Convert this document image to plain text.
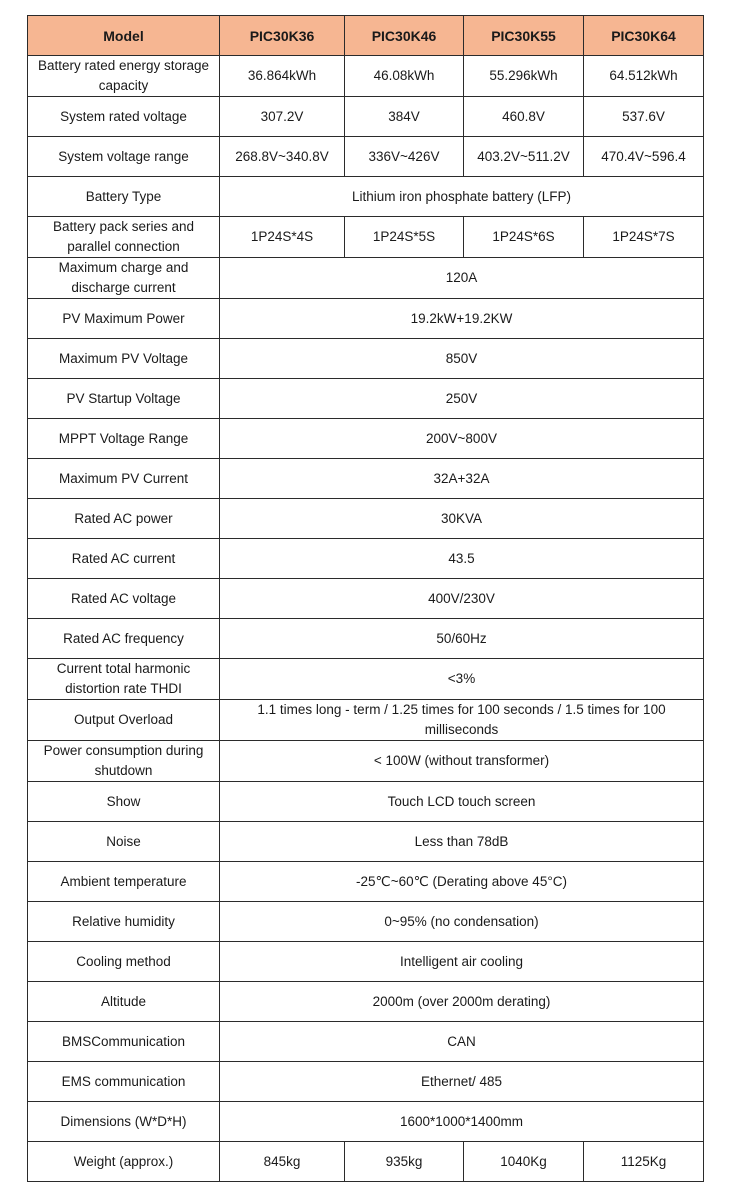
Model	PIC30K36	PIC30K46	PIC30K55	PIC30K64
Battery rated energy storage capacity	36.864kWh	46.08kWh	55.296kWh	64.512kWh
System rated voltage	307.2V	384V	460.8V	537.6V
System voltage range	268.8V~340.8V	336V~426V	403.2V~511.2V	470.4V~596.4
Battery Type	Lithium iron phosphate battery (LFP)			
Battery pack series and parallel connection	1P24S*4S	1P24S*5S	1P24S*6S	1P24S*7S
Maximum charge and discharge current	120A			
PV Maximum Power	19.2kW+19.2KW			
Maximum PV Voltage	850V			
PV Startup Voltage	250V			
MPPT Voltage Range	200V~800V			
Maximum PV Current	32A+32A			
Rated AC power	30KVA			
Rated AC current	43.5			
Rated AC voltage	400V/230V			
Rated AC frequency	50/60Hz			
Current total harmonic distortion rate THDI	<3%			
Output Overload	1.1 times long - term / 1.25 times for 100 seconds / 1.5 times for 100 milliseconds			
Power consumption during shutdown	< 100W (without transformer)			
Show	Touch LCD touch screen			
Noise	Less than 78dB			
Ambient temperature	-25℃~60℃ (Derating above 45°C)			
Relative humidity	0~95% (no condensation)			
Cooling method	Intelligent air cooling			
Altitude	2000m (over 2000m derating)			
BMSCommunication	CAN			
EMS communication	Ethernet/ 485			
Dimensions (W*D*H)	1600*1000*1400mm			
Weight (approx.)	845kg	935kg	1040Kg	1125Kg
